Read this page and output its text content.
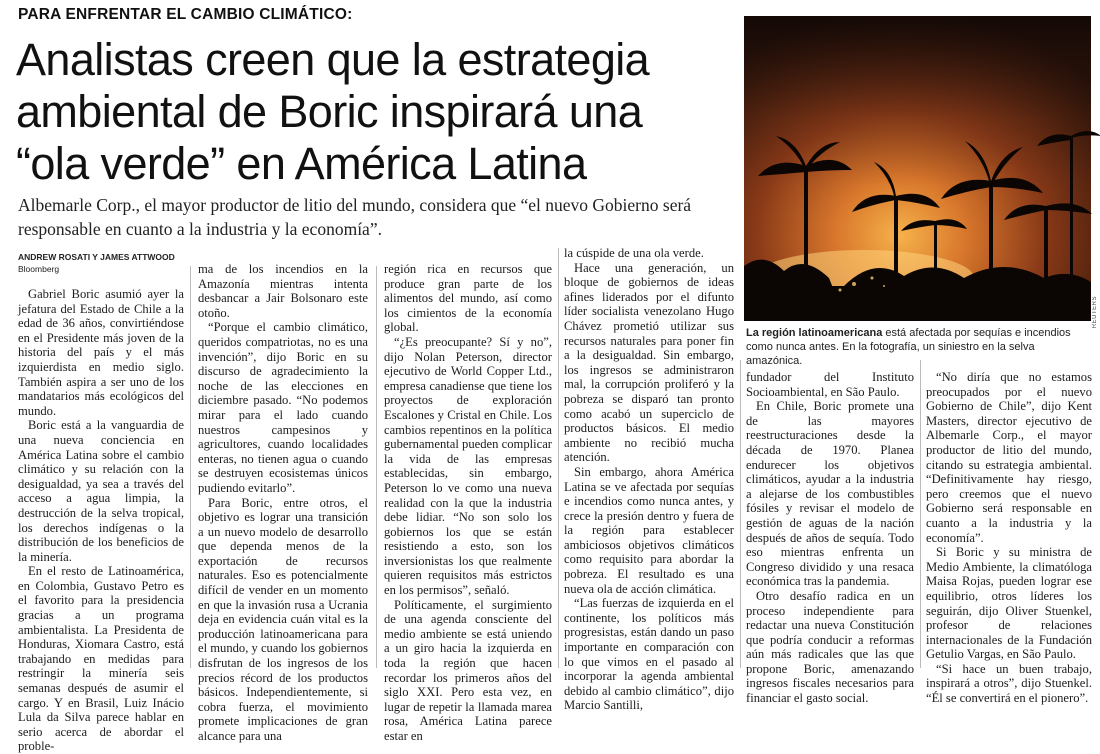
PARA ENFRENTAR EL CAMBIO CLIMÁTICO:
Analistas creen que la estrategia
ambiental de Boric inspirará una
“ola verde” en América Latina
Albemarle Corp., el mayor productor de litio del mundo, considera que “el nuevo Gobierno será responsable en cuanto a la industria y la economía”.
ANDREW ROSATI Y JAMES ATTWOOD
Bloomberg
REUTERS
La región latinoamericana está afectada por sequías e incendios como nunca antes. En la fotografía, un siniestro en la selva amazónica.

Gabriel Boric asumió ayer la jefatura del Estado de Chile a la edad de 36 años, convirtiéndose en el Presidente más joven de la historia del país y el más izquierdista en medio siglo. También aspira a ser uno de los mandatarios más ecológicos del mundo.

Boric está a la vanguardia de una nueva conciencia en América Latina sobre el cambio climático y su relación con la desigualdad, ya sea a través del acceso a agua limpia, la destrucción de la selva tropical, los derechos indígenas o la distribución de los beneficios de la minería.

En el resto de Latinoamérica, en Colombia, Gustavo Petro es el favorito para la presidencia gracias a un programa ambientalista. La Presidenta de Honduras, Xiomara Castro, está trabajando en medidas para restringir la minería seis semanas después de asumir el cargo. Y en Brasil, Luiz Inácio Lula da Silva parece hablar en serio acerca de abordar el proble-

ma de los incendios en la Amazonía mientras intenta desbancar a Jair Bolsonaro este otoño.

“Porque el cambio climático, queridos compatriotas, no es una invención”, dijo Boric en su discurso de agradecimiento la noche de las elecciones en diciembre pasado. “No podemos mirar para el lado cuando nuestros campesinos y agricultores, cuando localidades enteras, no tienen agua o cuando se destruyen ecosistemas únicos pudiendo evitarlo”.

Para Boric, entre otros, el objetivo es lograr una transición a un nuevo modelo de desarrollo que dependa menos de la exportación de recursos naturales. Eso es potencialmente difícil de vender en un momento en que la invasión rusa a Ucrania deja en evidencia cuán vital es la producción latinoamericana para el mundo, y cuando los gobiernos disfrutan de los ingresos de los precios récord de los productos básicos. Independientemente, si cobra fuerza, el movimiento promete implicaciones de gran alcance para una

región rica en recursos que produce gran parte de los alimentos del mundo, así como los cimientos de la economía global.

“¿Es preocupante? Sí y no”, dijo Nolan Peterson, director ejecutivo de World Copper Ltd., empresa canadiense que tiene los proyectos de exploración Escalones y Cristal en Chile. Los cambios repentinos en la política gubernamental pueden complicar la vida de las empresas establecidas, sin embargo, Peterson lo ve como una nueva realidad con la que la industria debe lidiar. “No son solo los gobiernos los que se están resistiendo a esto, son los inversionistas los que realmente quieren requisitos más estrictos en los permisos”, señaló.

Políticamente, el surgimiento de una agenda consciente del medio ambiente se está uniendo a un giro hacia la izquierda en toda la región que hacen recordar los primeros años del siglo XXI. Pero esta vez, en lugar de repetir la llamada marea rosa, América Latina parece estar en

la cúspide de una ola verde.

Hace una generación, un bloque de gobiernos de ideas afines liderados por el difunto líder socialista venezolano Hugo Chávez prometió utilizar sus recursos naturales para poner fin a la desigualdad. Sin embargo, los ingresos se administraron mal, la corrupción proliferó y la pobreza se disparó tan pronto como acabó un superciclo de productos básicos. El medio ambiente no recibió mucha atención.

Sin embargo, ahora América Latina se ve afectada por sequías e incendios como nunca antes, y crece la presión dentro y fuera de la región para establecer ambiciosos objetivos climáticos como requisito para abordar la pobreza. El resultado es una nueva ola de acción climática.

“Las fuerzas de izquierda en el continente, los políticos más progresistas, están dando un paso importante en comparación con lo que vimos en el pasado al incorporar la agenda ambiental debido al cambio climático”, dijo Marcio Santilli,

fundador del Instituto Socioambiental, en São Paulo.

En Chile, Boric promete una de las mayores reestructuraciones desde la década de 1970. Planea endurecer los objetivos climáticos, ayudar a la industria a alejarse de los combustibles fósiles y revisar el modelo de gestión de aguas de la nación después de años de sequía. Todo eso mientras enfrenta un Congreso dividido y una resaca económica tras la pandemia.

Otro desafío radica en un proceso independiente para redactar una nueva Constitución que podría conducir a reformas aún más radicales que las que propone Boric, amenazando ingresos fiscales necesarios para financiar el gasto social.

“No diría que no estamos preocupados por el nuevo Gobierno de Chile”, dijo Kent Masters, director ejecutivo de Albemarle Corp., el mayor productor de litio del mundo, citando su estrategia ambiental. “Definitivamente hay riesgo, pero creemos que el nuevo Gobierno será responsable en cuanto a la industria y la economía”.

Si Boric y su ministra de Medio Ambiente, la climatóloga Maisa Rojas, pueden lograr ese equilibrio, otros líderes los seguirán, dijo Oliver Stuenkel, profesor de relaciones internacionales de la Fundación Getulio Vargas, en São Paulo.

“Si hace un buen trabajo, inspirará a otros”, dijo Stuenkel. “Él se convertirá en el pionero”.
